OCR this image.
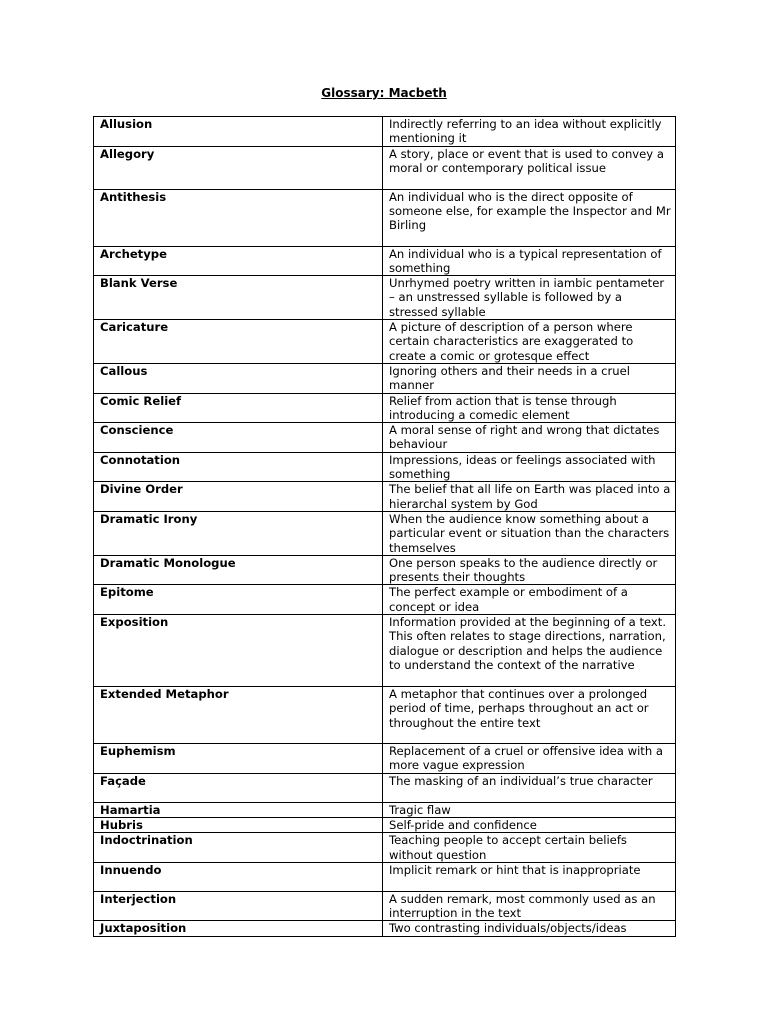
Glossary: Macbeth
Allusion	Indirectly referring to an idea without explicitly mentioning it
Allegory	A story, place or event that is used to convey a moral or contemporary political issue
Antithesis	An individual who is the direct opposite of someone else, for example the Inspector and Mr Birling
Archetype	An individual who is a typical representation of something
Blank Verse	Unrhymed poetry written in iambic pentameter – an unstressed syllable is followed by a stressed syllable
Caricature	A picture of description of a person where certain characteristics are exaggerated to create a comic or grotesque effect
Callous	Ignoring others and their needs in a cruel manner
Comic Relief	Relief from action that is tense through introducing a comedic element
Conscience	A moral sense of right and wrong that dictates behaviour
Connotation	Impressions, ideas or feelings associated with something
Divine Order	The belief that all life on Earth was placed into a hierarchal system by God
Dramatic Irony	When the audience know something about a particular event or situation than the characters themselves
Dramatic Monologue	One person speaks to the audience directly or presents their thoughts
Epitome	The perfect example or embodiment of a concept or idea
Exposition	Information provided at the beginning of a text. This often relates to stage directions, narration, dialogue or description and helps the audience to understand the context of the narrative
Extended Metaphor	A metaphor that continues over a prolonged period of time, perhaps throughout an act or throughout the entire text
Euphemism	Replacement of a cruel or offensive idea with a more vague expression
Façade	The masking of an individual’s true character
Hamartia	Tragic flaw
Hubris	Self-pride and confidence
Indoctrination	Teaching people to accept certain beliefs without question
Innuendo	Implicit remark or hint that is inappropriate
Interjection	A sudden remark, most commonly used as an interruption in the text
Juxtaposition	Two contrasting individuals/objects/ideas
